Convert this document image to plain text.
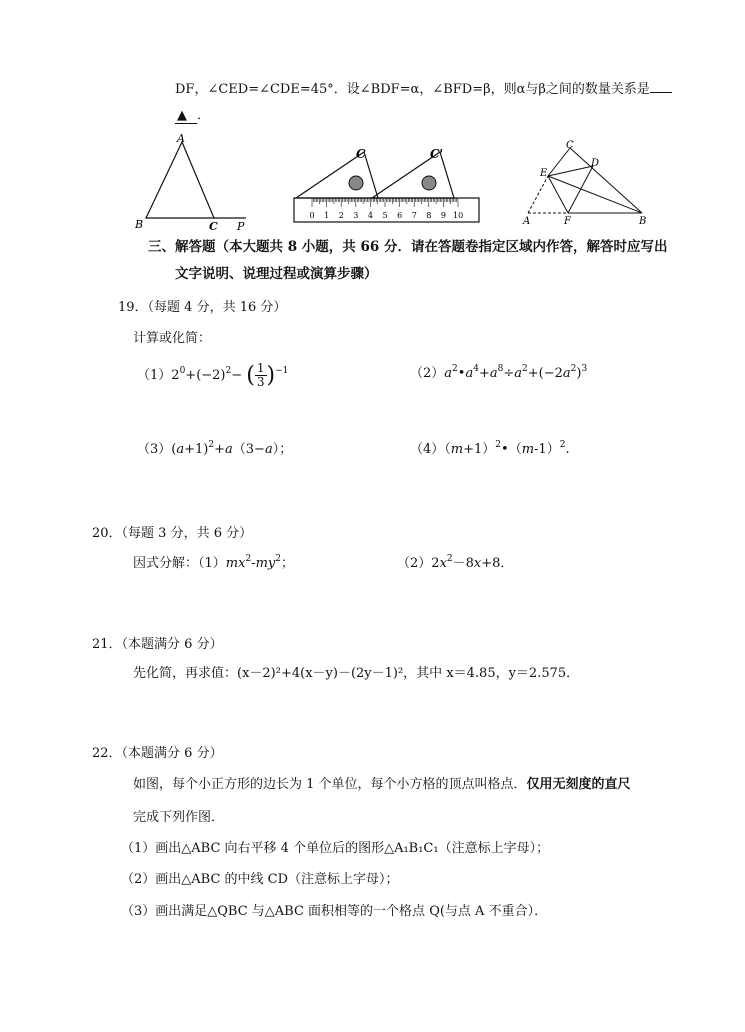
DF，∠CED=∠CDE=45°．设∠BDF=α，∠BFD=β，则α与β之间的数量关系是
▲ ．
A
B	C P
C	C'
0 1 2 3 4 5 6 7 8 9 10
C
D
E
A	F	B
三、解答题（本大题共 8 小题，共 66 分．请在答题卷指定区域内作答，解答时应写出
文字说明、说理过程或演算步骤）
19．（每题 4 分，共 16 分）
计算或化简：
$(1)2^0+(-2)^2-$ ( $\frac{1}{3} )^{-1}$	$(2)a^2•a^4+a^8\div a^2+(-2a^2)^3$
$(3)(a+1)^2+a(3-a)$；	$(4)(m+1)^2•(m-1)^2$.
20．（每题 3 分，共 6 分）
因式分解：$(1)mx^2-my^2$；	$(2)2x^2-8x+8$．
21．（本题满分 6 分）
先化简，再求值：(x－2)²+4(x－y)－(2y－1)²，其中 x＝4.85，y＝2.575．
22．（本题满分 6 分）
如图，每个小正方形的边长为 1 个单位，每个小方格的顶点叫格点．仅用无刻度的直尺
完成下列作图．
（1）画出△ABC 向右平移 4 个单位后的图形△A₁B₁C₁（注意标上字母）；
（2）画出△ABC 的中线 CD（注意标上字母）；
（3）画出满足△QBC 与△ABC 面积相等的一个格点 Q(与点 A 不重合）．
